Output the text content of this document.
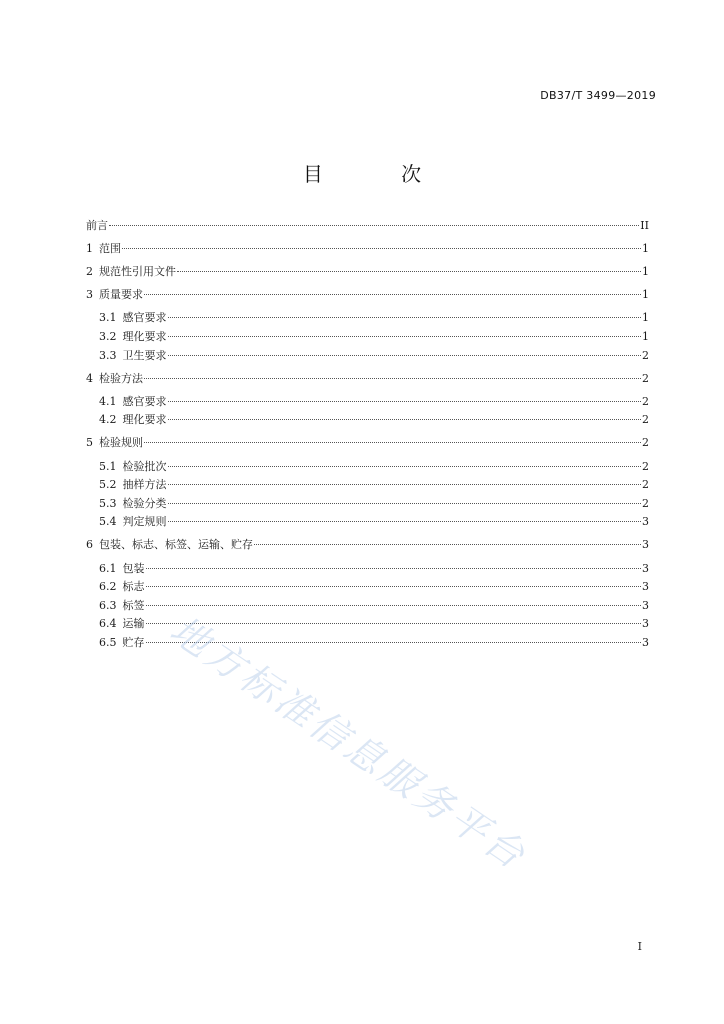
DB37/T 3499—2019
目 次
前言	II
1 范围	1
2 规范性引用文件	1
3 质量要求	1
3.1 感官要求	1
3.2 理化要求	1
3.3 卫生要求	2
4 检验方法	2
4.1 感官要求	2
4.2 理化要求	2
5 检验规则	2
5.1 检验批次	2
5.2 抽样方法	2
5.3 检验分类	2
5.4 判定规则	3
6 包装、标志、标签、运输、贮存	3
6.1 包装	3
6.2 标志	3
6.3 标签	3
6.4 运输	3
6.5 贮存	3
地方标准信息服务平台
I
